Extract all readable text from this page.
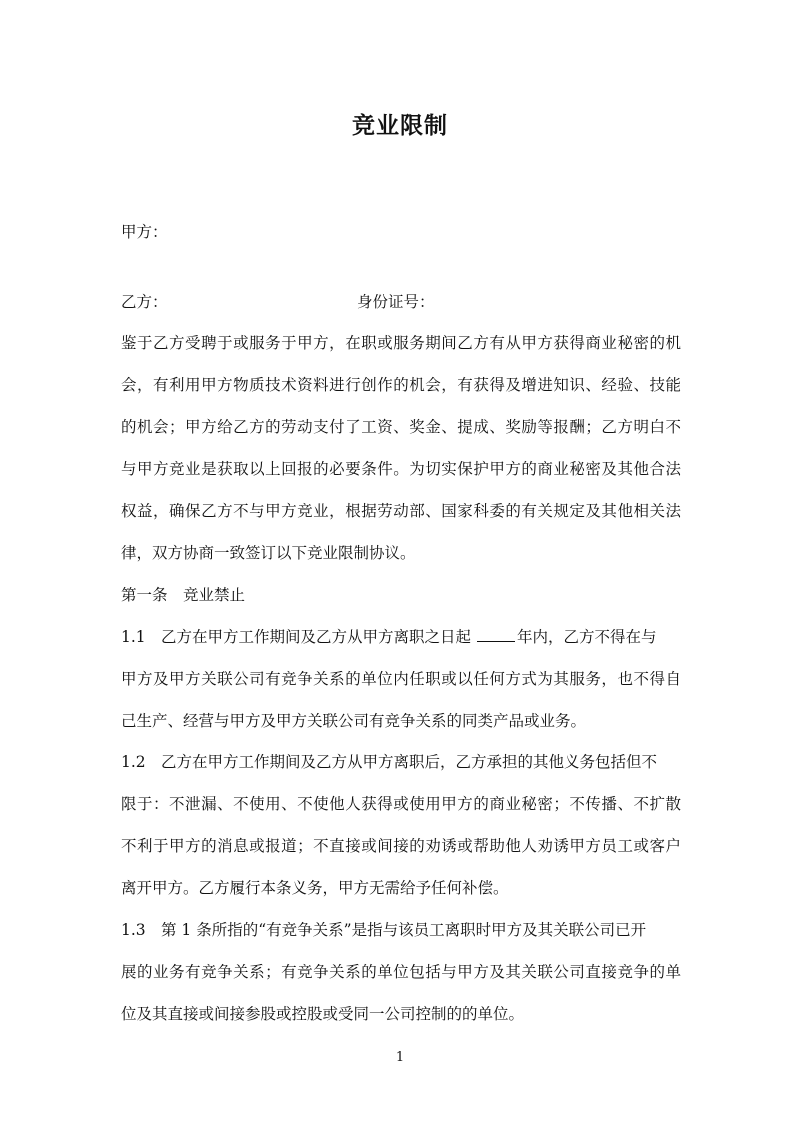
竞业限制
甲方：
乙方：	身份证号：
鉴于乙方受聘于或服务于甲方，在职或服务期间乙方有从甲方获得商业秘密的机
会，有利用甲方物质技术资料进行创作的机会，有获得及增进知识、经验、技能
的机会；甲方给乙方的劳动支付了工资、奖金、提成、奖励等报酬；乙方明白不
与甲方竞业是获取以上回报的必要条件。为切实保护甲方的商业秘密及其他合法
权益，确保乙方不与甲方竞业，根据劳动部、国家科委的有关规定及其他相关法
律，双方协商一致签订以下竞业限制协议。
第一条　竞业禁止
1.1 乙方在甲方工作期间及乙方从甲方离职之日起	年内，乙方不得在与
甲方及甲方关联公司有竞争关系的单位内任职或以任何方式为其服务，也不得自
己生产、经营与甲方及甲方关联公司有竞争关系的同类产品或业务。
1.2 乙方在甲方工作期间及乙方从甲方离职后，乙方承担的其他义务包括但不
限于：不泄漏、不使用、不使他人获得或使用甲方的商业秘密；不传播、不扩散
不利于甲方的消息或报道；不直接或间接的劝诱或帮助他人劝诱甲方员工或客户
离开甲方。乙方履行本条义务，甲方无需给予任何补偿。
1.3 第 1 条所指的“有竞争关系”是指与该员工离职时甲方及其关联公司已开
展的业务有竞争关系；有竞争关系的单位包括与甲方及其关联公司直接竞争的单
位及其直接或间接参股或控股或受同一公司控制的的单位。
1
